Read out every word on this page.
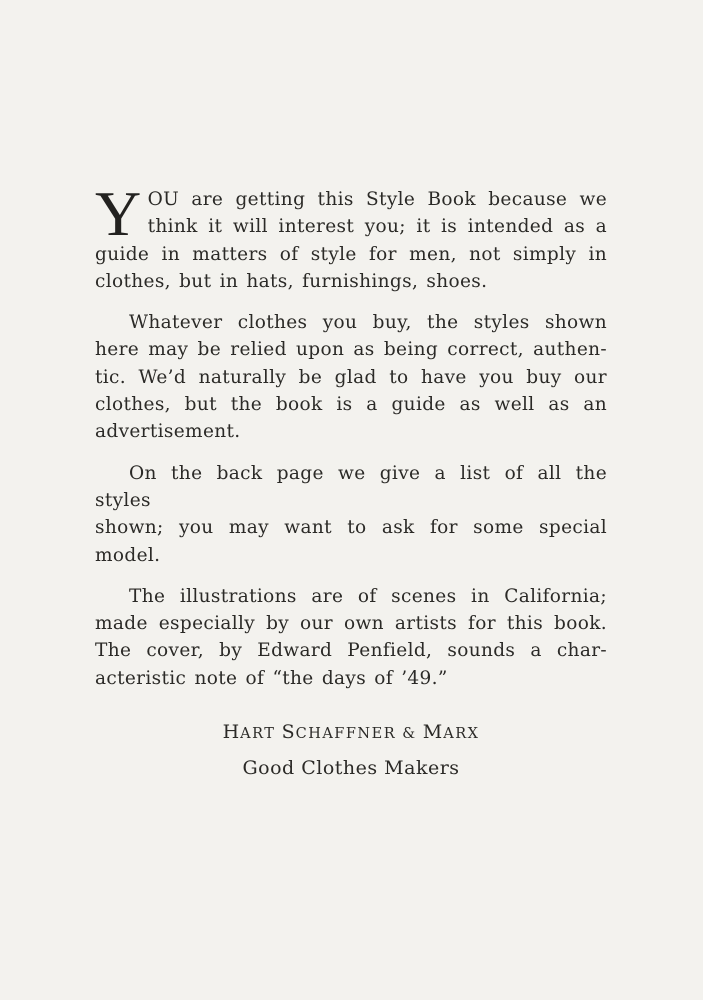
Y OU are getting this Style Book because we
think it will interest you; it is intended as a
guide in matters of style for men, not simply in
clothes, but in hats, furnishings, shoes.
Whatever clothes you buy, the styles shown
here may be relied upon as being correct, authen-
tic. We’d naturally be glad to have you buy our
clothes, but the book is a guide as well as an
advertisement.
On the back page we give a list of all the styles
shown; you may want to ask for some special
model.
The illustrations are of scenes in California;
made especially by our own artists for this book.
The cover, by Edward Penfield, sounds a char-
acteristic note of “the days of ’49.”
HART SCHAFFNER & MARX
Good Clothes Makers
